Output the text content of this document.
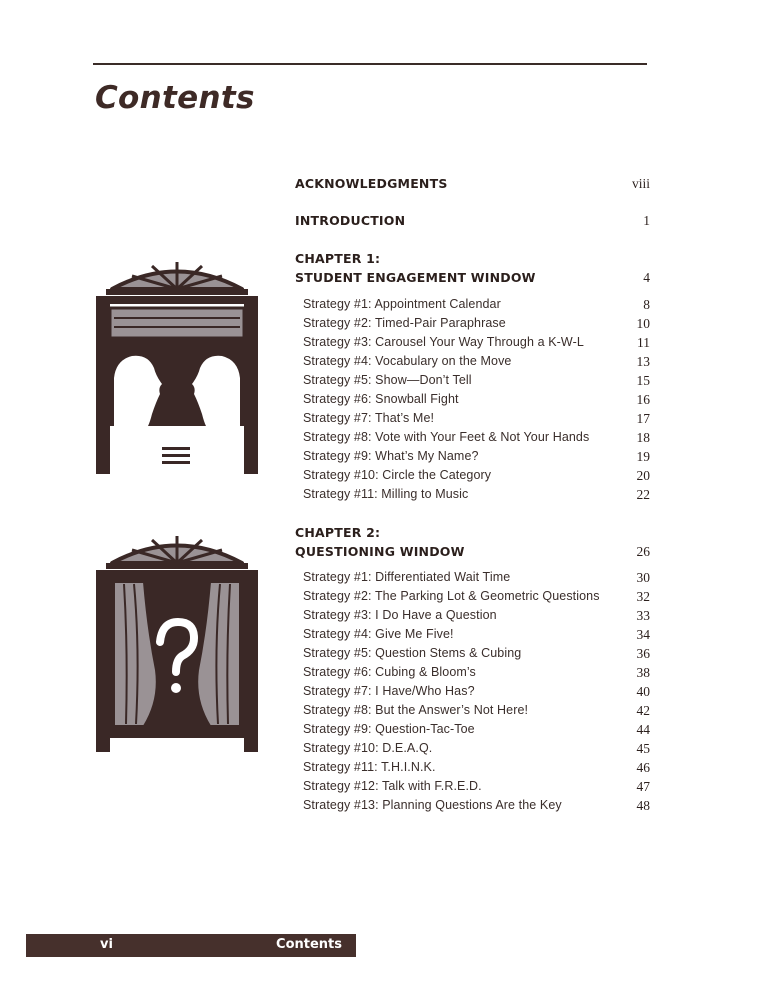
Contents
ACKNOWLEDGMENTS	viii
INTRODUCTION	1
CHAPTER 1:
STUDENT ENGAGEMENT WINDOW	4
Strategy #1: Appointment Calendar	8
Strategy #2: Timed-Pair Paraphrase	10
Strategy #3: Carousel Your Way Through a K-W-L	11
Strategy #4: Vocabulary on the Move	13
Strategy #5: Show—Don’t Tell	15
Strategy #6: Snowball Fight	16
Strategy #7: That’s Me!	17
Strategy #8: Vote with Your Feet & Not Your Hands	18
Strategy #9: What’s My Name?	19
Strategy #10: Circle the Category	20
Strategy #11: Milling to Music	22
CHAPTER 2:
QUESTIONING WINDOW	26
Strategy #1: Differentiated Wait Time	30
Strategy #2: The Parking Lot & Geometric Questions	32
Strategy #3: I Do Have a Question	33
Strategy #4: Give Me Five!	34
Strategy #5: Question Stems & Cubing	36
Strategy #6: Cubing & Bloom’s	38
Strategy #7: I Have/Who Has?	40
Strategy #8: But the Answer’s Not Here!	42
Strategy #9: Question-Tac-Toe	44
Strategy #10: D.E.A.Q.	45
Strategy #11: T.H.I.N.K.	46
Strategy #12: Talk with F.R.E.D.	47
Strategy #13: Planning Questions Are the Key	48
vi	Contents
